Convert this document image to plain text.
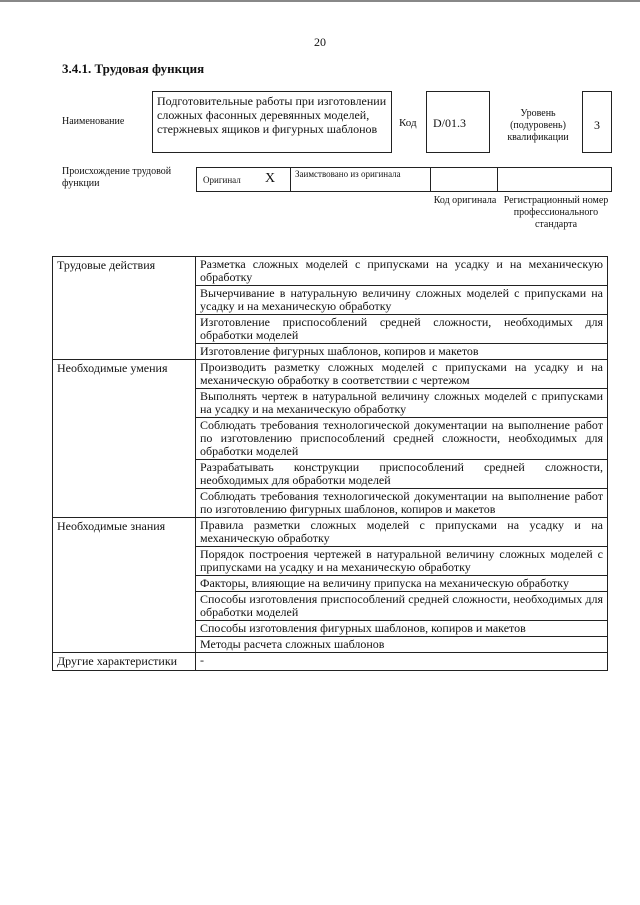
20
3.4.1. Трудовая функция
Наименование
Подготовительные работы при изготовлении сложных фасонных деревянных моделей, стержневых ящиков и фигурных шаблонов	Код	D/01.3
Уровень (подуровень) квалификации
3
Происхождение трудовой функции	Оригинал X Заимствовано из оригинала
Код оригинала Регистрационный номер профессионального стандарта
Трудовые действия	Разметка сложных моделей с припусками на усадку и на механическую обработку
	Вычерчивание в натуральную величину сложных моделей с припусками на усадку и на механическую обработку
	Изготовление приспособлений средней сложности, необходимых для обработки моделей
	Изготовление фигурных шаблонов, копиров и макетов
Необходимые умения	Производить разметку сложных моделей с припусками на усадку и на механическую обработку в соответствии с чертежом
	Выполнять чертеж в натуральной величину сложных моделей с припусками на усадку и на механическую обработку
	Соблюдать требования технологической документации на выполнение работ по изготовлению приспособлений средней сложности, необходимых для обработки моделей
	Разрабатывать конструкции приспособлений средней сложности, необходимых для обработки моделей
	Соблюдать требования технологической документации на выполнение работ по изготовлению фигурных шаблонов, копиров и макетов
Необходимые знания	Правила разметки сложных моделей с припусками на усадку и на механическую обработку
	Порядок построения чертежей в натуральной величину сложных моделей с припусками на усадку и на механическую обработку
	Факторы, влияющие на величину припуска на механическую обработку
	Способы изготовления приспособлений средней сложности, необходимых для обработки моделей
	Способы изготовления фигурных шаблонов, копиров и макетов
	Методы расчета сложных шаблонов
Другие характеристики	-
